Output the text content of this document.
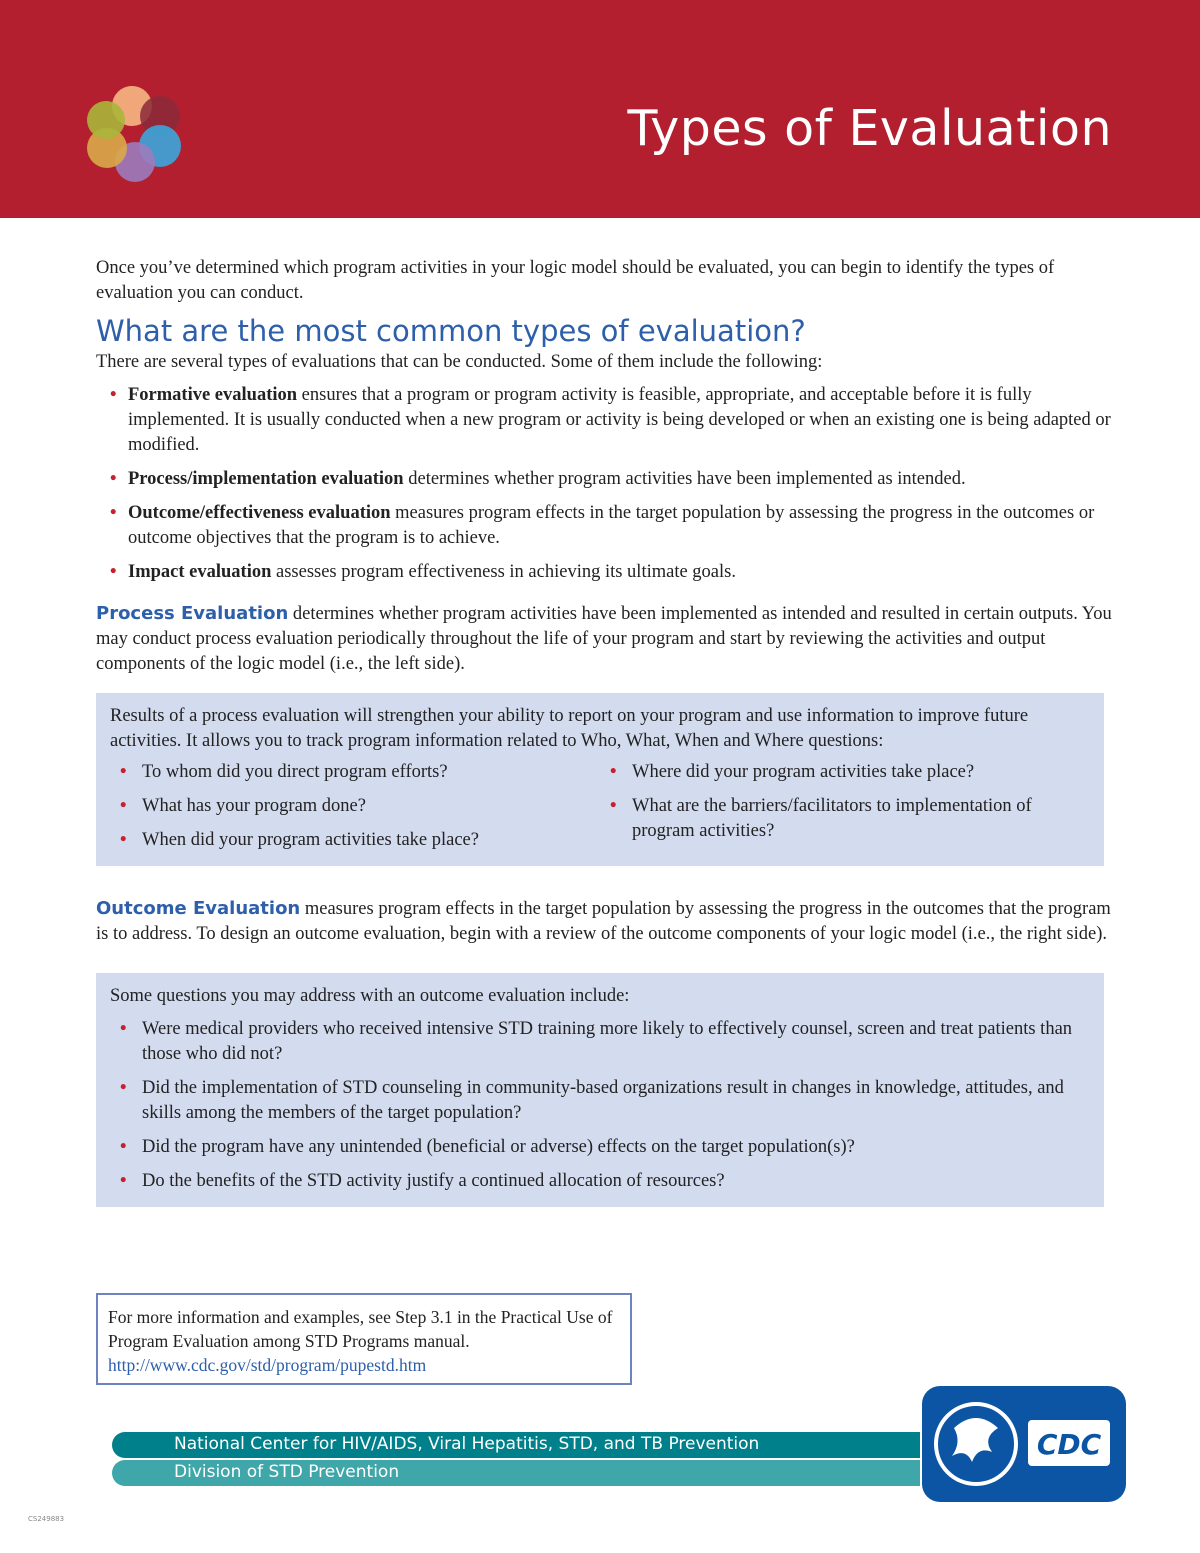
Types of Evaluation

Once you’ve determined which program activities in your logic model should be evaluated, you can begin to identify the types of evaluation you can conduct.

What are the most common types of evaluation?

There are several types of evaluations that can be conducted. Some of them include the following:

• Formative evaluation ensures that a program or program activity is feasible, appropriate, and acceptable before it is fully implemented. It is usually conducted when a new program or activity is being developed or when an existing one is being adapted or modified.
• Process/implementation evaluation determines whether program activities have been implemented as intended.
• Outcome/effectiveness evaluation measures program effects in the target population by assessing the progress in the outcomes or outcome objectives that the program is to achieve.
• Impact evaluation assesses program effectiveness in achieving its ultimate goals.

Process Evaluation determines whether program activities have been implemented as intended and resulted in certain outputs. You may conduct process evaluation periodically throughout the life of your program and start by reviewing the activities and output components of the logic model (i.e., the left side).

Results of a process evaluation will strengthen your ability to report on your program and use information to improve future activities. It allows you to track program information related to Who, What, When and Where questions:

• To whom did you direct program efforts?
• What has your program done?
• When did your program activities take place?
• Where did your program activities take place?
• What are the barriers/facilitators to implementation of program activities?

Outcome Evaluation measures program effects in the target population by assessing the progress in the outcomes that the program is to address. To design an outcome evaluation, begin with a review of the outcome components of your logic model (i.e., the right side).

Some questions you may address with an outcome evaluation include:

• Were medical providers who received intensive STD training more likely to effectively counsel, screen and treat patients than those who did not?
• Did the implementation of STD counseling in community-based organizations result in changes in knowledge, attitudes, and skills among the members of the target population?
• Did the program have any unintended (beneficial or adverse) effects on the target population(s)?
• Do the benefits of the STD activity justify a continued allocation of resources?

For more information and examples, see Step 3.1 in the Practical Use of Program Evaluation among STD Programs manual.

http://www.cdc.gov/std/program/pupestd.htm

National Center for HIV/AIDS, Viral Hepatitis, STD, and TB Prevention
Division of STD Prevention
CDC
CS249883
